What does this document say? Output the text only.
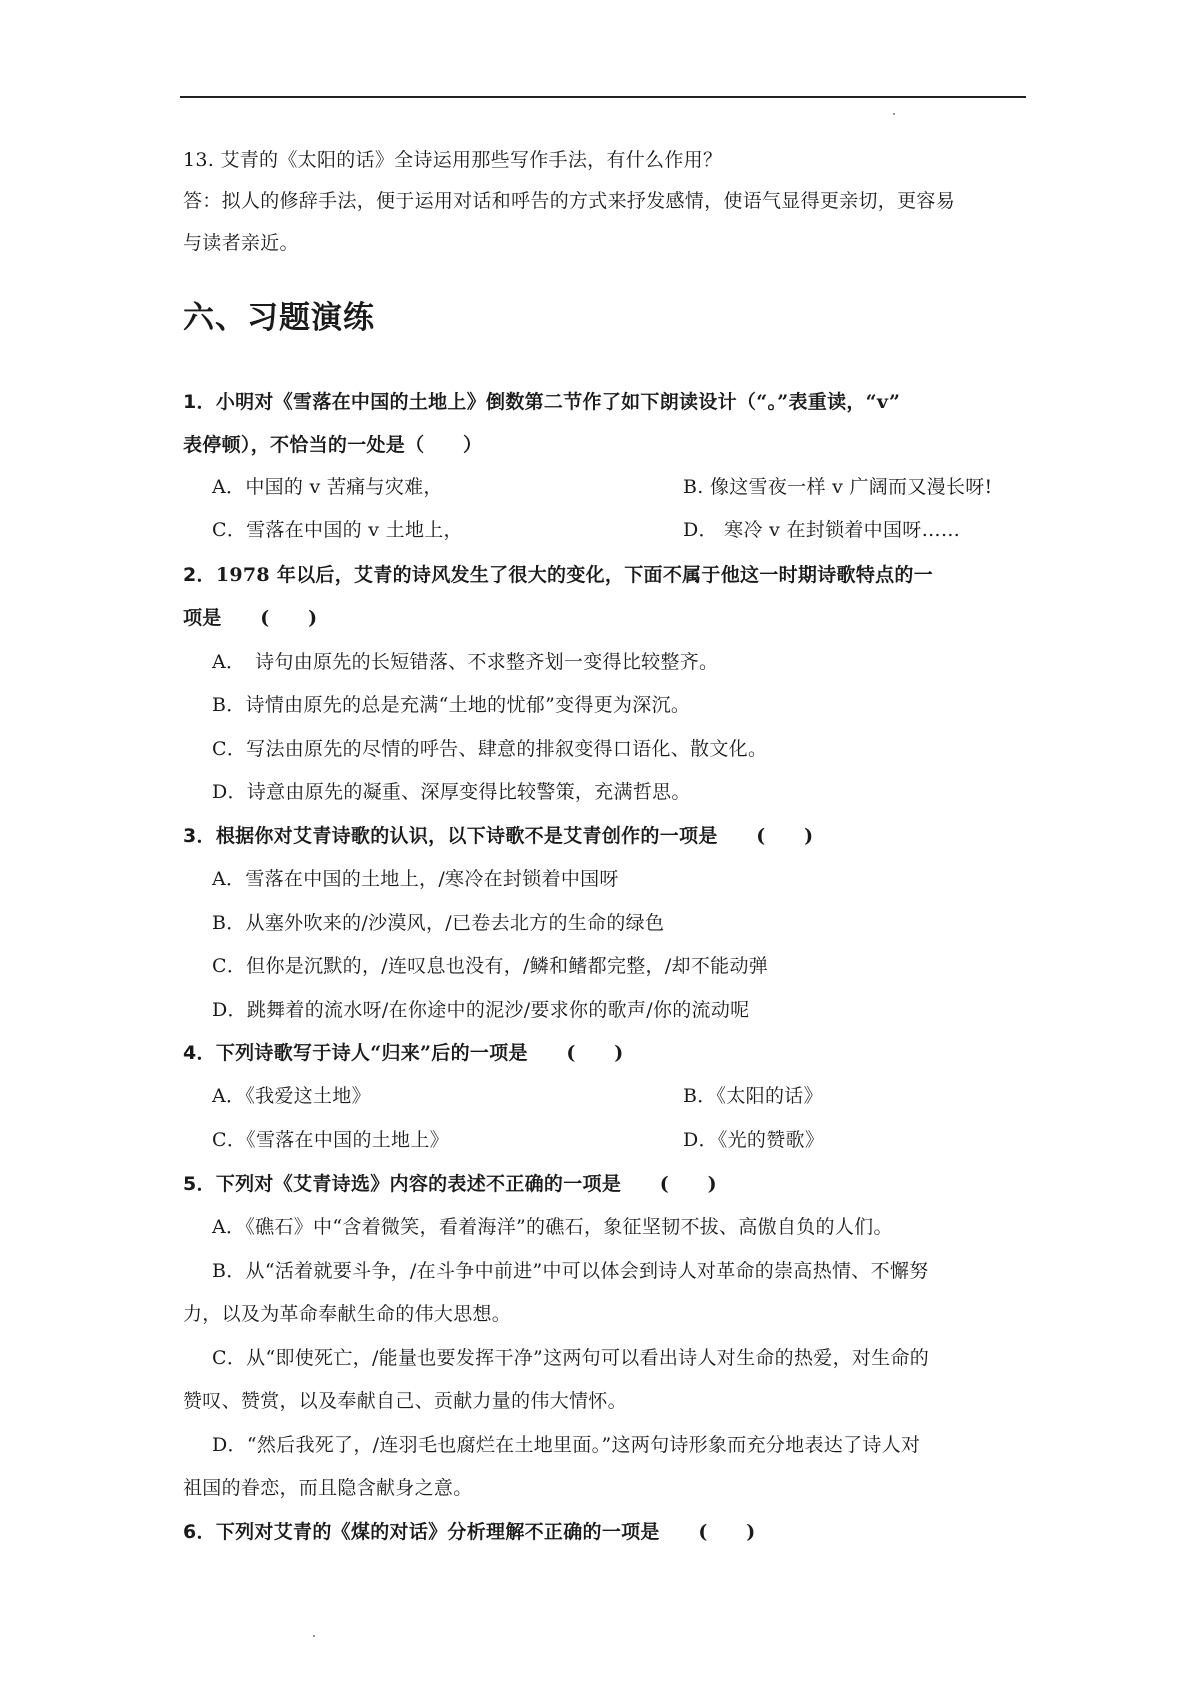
13. 艾青的《太阳的话》全诗运用那些写作手法，有什么作用？
答：拟人的修辞手法，便于运用对话和呼告的方式来抒发感情，使语气显得更亲切，更容易
与读者亲近。
六、习题演练
1．小明对《雪落在中国的土地上》倒数第二节作了如下朗读设计（“。”表重读，“v”
表停顿），不恰当的一处是（　　）
A．中国的 v 苦痛与灾难，	B. 像这雪夜一样 v 广阔而又漫长呀!
C．雪落在中国的 v 土地上，	D． 寒冷 v 在封锁着中国呀……
2．1978 年以后，艾青的诗风发生了很大的变化，下面不属于他这一时期诗歌特点的一
项是　　(　　)
A．　诗句由原先的长短错落、不求整齐划一变得比较整齐。
B．诗情由原先的总是充满“土地的忧郁”变得更为深沉。
C．写法由原先的尽情的呼告、肆意的排叙变得口语化、散文化。
D．诗意由原先的凝重、深厚变得比较警策，充满哲思。
3．根据你对艾青诗歌的认识，以下诗歌不是艾青创作的一项是　　(　　)
A．雪落在中国的土地上，/寒冷在封锁着中国呀
B．从塞外吹来的/沙漠风，/已卷去北方的生命的绿色
C．但你是沉默的，/连叹息也没有，/鳞和鳍都完整，/却不能动弹
D．跳舞着的流水呀/在你途中的泥沙/要求你的歌声/你的流动呢
4．下列诗歌写于诗人“归来”后的一项是　　(　　)
A．《我爱这土地》	B．《太阳的话》
C．《雪落在中国的土地上》	D．《光的赞歌》
5．下列对《艾青诗选》内容的表述不正确的一项是　　(　　)
A．《礁石》中“含着微笑，看着海洋”的礁石，象征坚韧不拔、高傲自负的人们。
B．从“活着就要斗争，/在斗争中前进”中可以体会到诗人对革命的崇高热情、不懈努
力，以及为革命奉献生命的伟大思想。
C．从“即使死亡，/能量也要发挥干净”这两句可以看出诗人对生命的热爱，对生命的
赞叹、赞赏，以及奉献自己、贡献力量的伟大情怀。
D．“然后我死了，/连羽毛也腐烂在土地里面。”这两句诗形象而充分地表达了诗人对
祖国的眷恋，而且隐含献身之意。
6．下列对艾青的《煤的对话》分析理解不正确的一项是　　(　　)
